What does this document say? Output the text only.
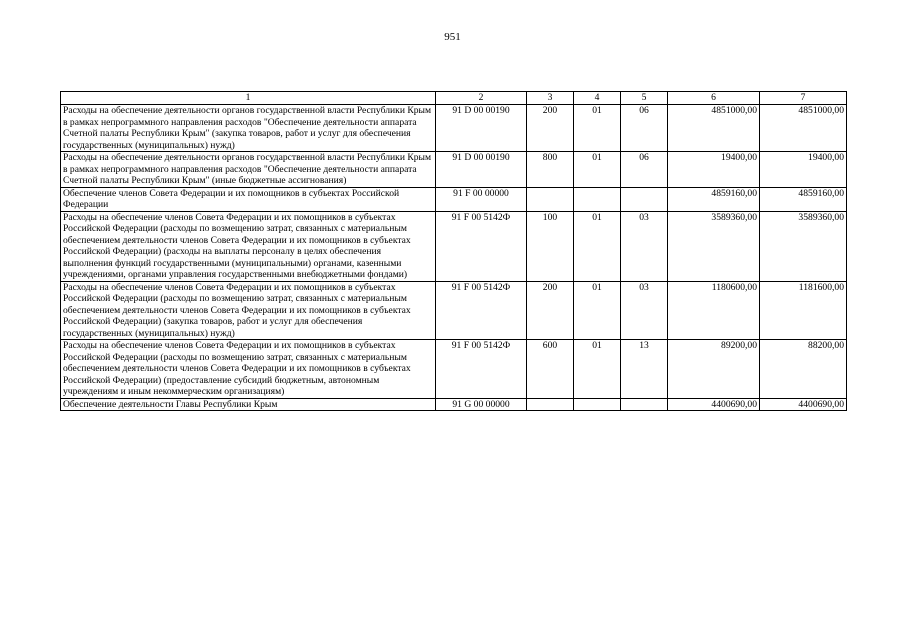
951
1	2	3	4	5	6	7
Расходы на обеспечение деятельности органов государственной власти Республики Крым в рамках непрограммного направления расходов "Обеспечение деятельности аппарата Счетной палаты Республики Крым" (закупка товаров, работ и услуг для обеспечения государственных (муниципальных) нужд)	91 D 00 00190	200	01	06	4851000,00	4851000,00
Расходы на обеспечение деятельности органов государственной власти Республики Крым в рамках непрограммного направления расходов "Обеспечение деятельности аппарата Счетной палаты Республики Крым" (иные бюджетные ассигнования)	91 D 00 00190	800	01	06	19400,00	19400,00
Обеспечение членов Совета Федерации и их помощников в субъектах Российской Федерации	91 F 00 00000				4859160,00	4859160,00
Расходы на обеспечение членов Совета Федерации и их помощников в субъектах Российской Федерации (расходы по возмещению затрат, связанных с материальным обеспечением деятельности членов Совета Федерации и их помощников в субъектах Российской Федерации) (расходы на выплаты персоналу в целях обеспечения выполнения функций государственными (муниципальными) органами, казенными учреждениями, органами управления государственными внебюджетными фондами)	91 F 00 5142Ф	100	01	03	3589360,00	3589360,00
Расходы на обеспечение членов Совета Федерации и их помощников в субъектах Российской Федерации (расходы по возмещению затрат, связанных с материальным обеспечением деятельности членов Совета Федерации и их помощников в субъектах Российской Федерации) (закупка товаров, работ и услуг для обеспечения государственных (муниципальных) нужд)	91 F 00 5142Ф	200	01	03	1180600,00	1181600,00
Расходы на обеспечение членов Совета Федерации и их помощников в субъектах Российской Федерации (расходы по возмещению затрат, связанных с материальным обеспечением деятельности членов Совета Федерации и их помощников в субъектах Российской Федерации) (предоставление субсидий бюджетным, автономным учреждениям и иным некоммерческим организациям)	91 F 00 5142Ф	600	01	13	89200,00	88200,00
Обеспечение деятельности Главы Республики Крым	91 G 00 00000				4400690,00	4400690,00
